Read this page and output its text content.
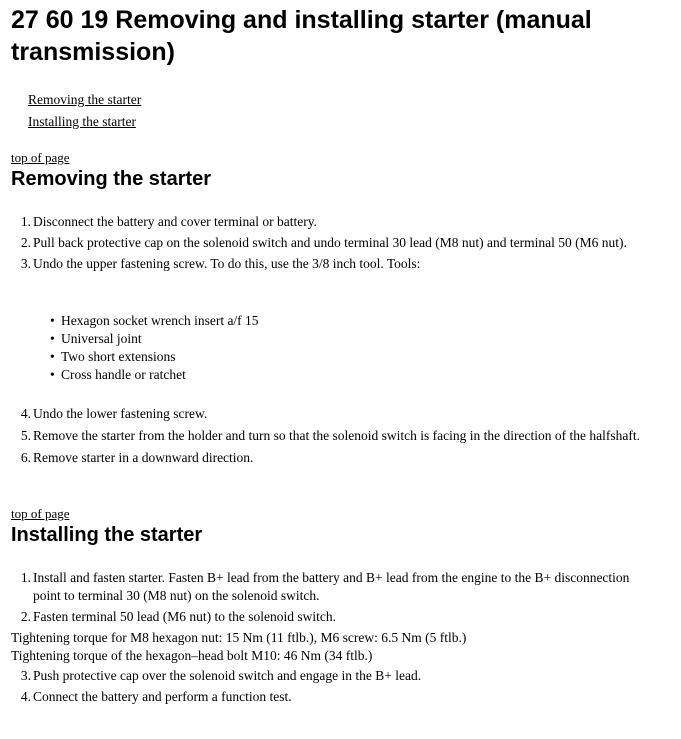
27 60 19 Removing and installing starter (manual transmission)
Removing the starter
Installing the starter
top of page
Removing the starter
1. Disconnect the battery and cover terminal or battery.
2. Pull back protective cap on the solenoid switch and undo terminal 30 lead (M8 nut) and terminal 50 (M6 nut).
3. Undo the upper fastening screw. To do this, use the 3/8 inch tool. Tools:
• Hexagon socket wrench insert a/f 15
• Universal joint
• Two short extensions
• Cross handle or ratchet
4. Undo the lower fastening screw.
5. Remove the starter from the holder and turn so that the solenoid switch is facing in the direction of the halfshaft.
6. Remove starter in a downward direction.
top of page
Installing the starter
1. Install and fasten starter. Fasten B+ lead from the battery and B+ lead from the engine to the B+ disconnection point to terminal 30 (M8 nut) on the solenoid switch.
2. Fasten terminal 50 lead (M6 nut) to the solenoid switch.
Tightening torque for M8 hexagon nut: 15 Nm (11 ftlb.), M6 screw: 6.5 Nm (5 ftlb.)
Tightening torque of the hexagon–head bolt M10: 46 Nm (34 ftlb.)
3. Push protective cap over the solenoid switch and engage in the B+ lead.
4. Connect the battery and perform a function test.
